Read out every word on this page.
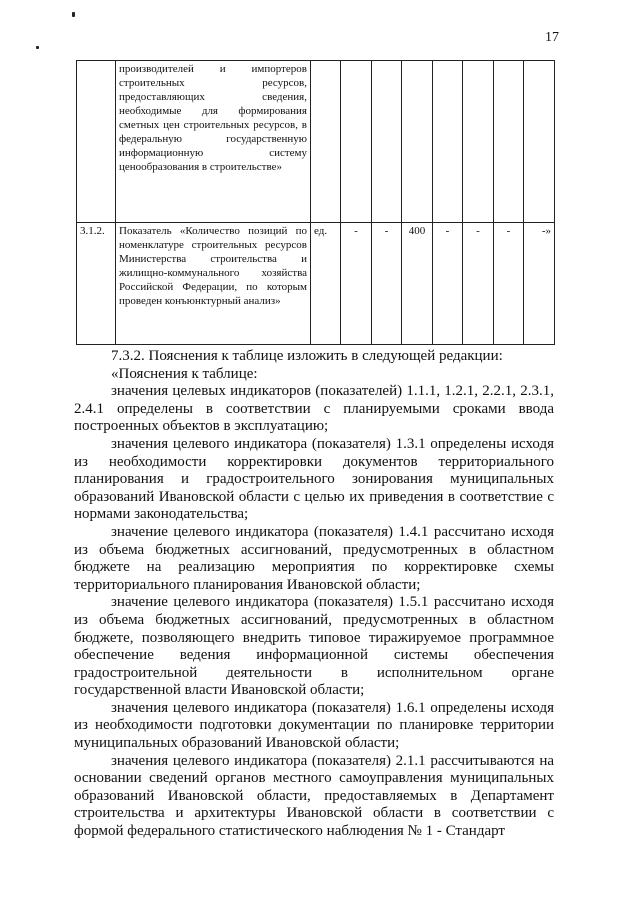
17
	производителей и импортеров строительных ресурсов, предоставляющих сведения, необходимые для формирования сметных цен строительных ресурсов, в федеральную государственную информационную систему ценообразования в строительстве»								
3.1.2.	Показатель «Количество позиций по номенклатуре строительных ресурсов Министерства строительства и жилищно-коммунального хозяйства Российской Федерации, по которым проведен конъюнктурный анализ»	ед.	-	-	400	-	-	-	-»

7.3.2. Пояснения к таблице изложить в следующей редакции:

«Пояснения к таблице:

значения целевых индикаторов (показателей) 1.1.1, 1.2.1, 2.2.1, 2.3.1, 2.4.1 определены в соответствии с планируемыми сроками ввода построенных объектов в эксплуатацию;

значения целевого индикатора (показателя) 1.3.1 определены исходя из необходимости корректировки документов территориального планирования и градостроительного зонирования муниципальных образований Ивановской области с целью их приведения в соответствие с нормами законодательства;

значение целевого индикатора (показателя) 1.4.1 рассчитано исходя из объема бюджетных ассигнований, предусмотренных в областном бюджете на реализацию мероприятия по корректировке схемы территориального планирования Ивановской области;

значение целевого индикатора (показателя) 1.5.1 рассчитано исходя из объема бюджетных ассигнований, предусмотренных в областном бюджете, позволяющего внедрить типовое тиражируемое программное обеспечение ведения информационной системы обеспечения градостроительной деятельности в исполнительном органе государственной власти Ивановской области;

значения целевого индикатора (показателя) 1.6.1 определены исходя из необходимости подготовки документации по планировке территории муниципальных образований Ивановской области;

значения целевого индикатора (показателя) 2.1.1 рассчитываются на основании сведений органов местного самоуправления муниципальных образований Ивановской области, предоставляемых в Департамент строительства и архитектуры Ивановской области в соответствии с формой федерального статистического наблюдения № 1 - Стандарт
